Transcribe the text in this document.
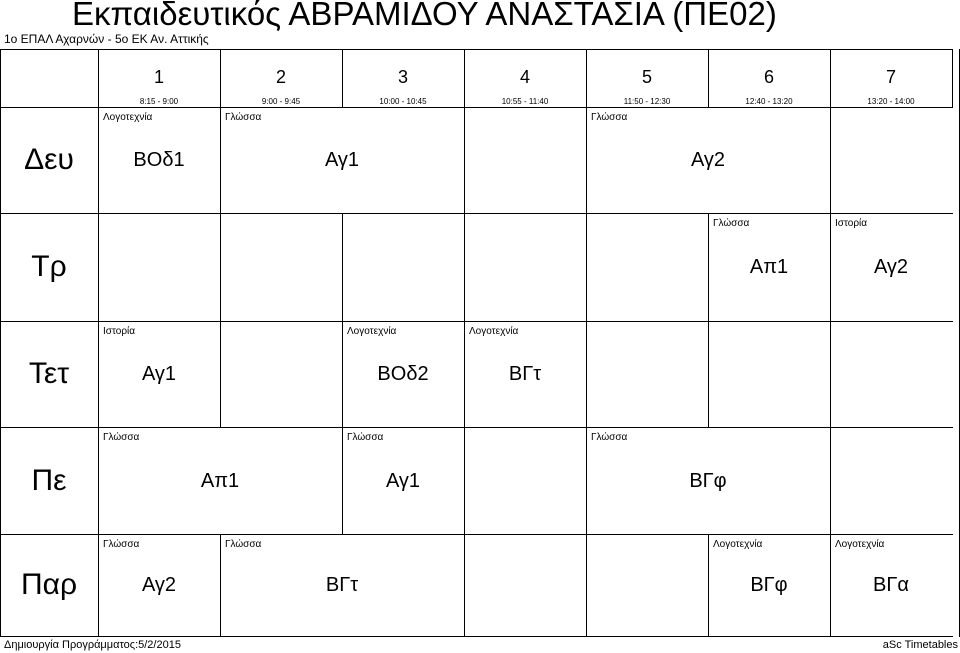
Εκπαιδευτικός ΑΒΡΑΜΙΔΟΥ ΑΝΑΣΤΑΣΙΑ (ΠΕ02)
1ο ΕΠΑΛ Αχαρνών - 5ο ΕΚ Αν. Αττικής
1
8:15 - 9:00
2
9:00 - 9:45
3
10:00 - 10:45
4
10:55 - 11:40
5
11:50 - 12:30
6
12:40 - 13:20
7
13:20 - 14:00
Δευ
Λογοτεχνία
ΒΟδ1
Γλώσσα
Αγ1
Γλώσσα
Αγ2
Τρ
Γλώσσα
Απ1
Ιστορία
Αγ2
Τετ
Ιστορία
Αγ1
Λογοτεχνία
ΒΟδ2
Λογοτεχνία
ΒΓτ
Πε
Γλώσσα
Απ1
Γλώσσα
Αγ1
Γλώσσα
ΒΓφ
Παρ
Γλώσσα
Αγ2
Γλώσσα
ΒΓτ
Λογοτεχνία
ΒΓφ
Λογοτεχνία
ΒΓα
Δημιουργία Προγράμματος:5/2/2015	aSc Timetables
